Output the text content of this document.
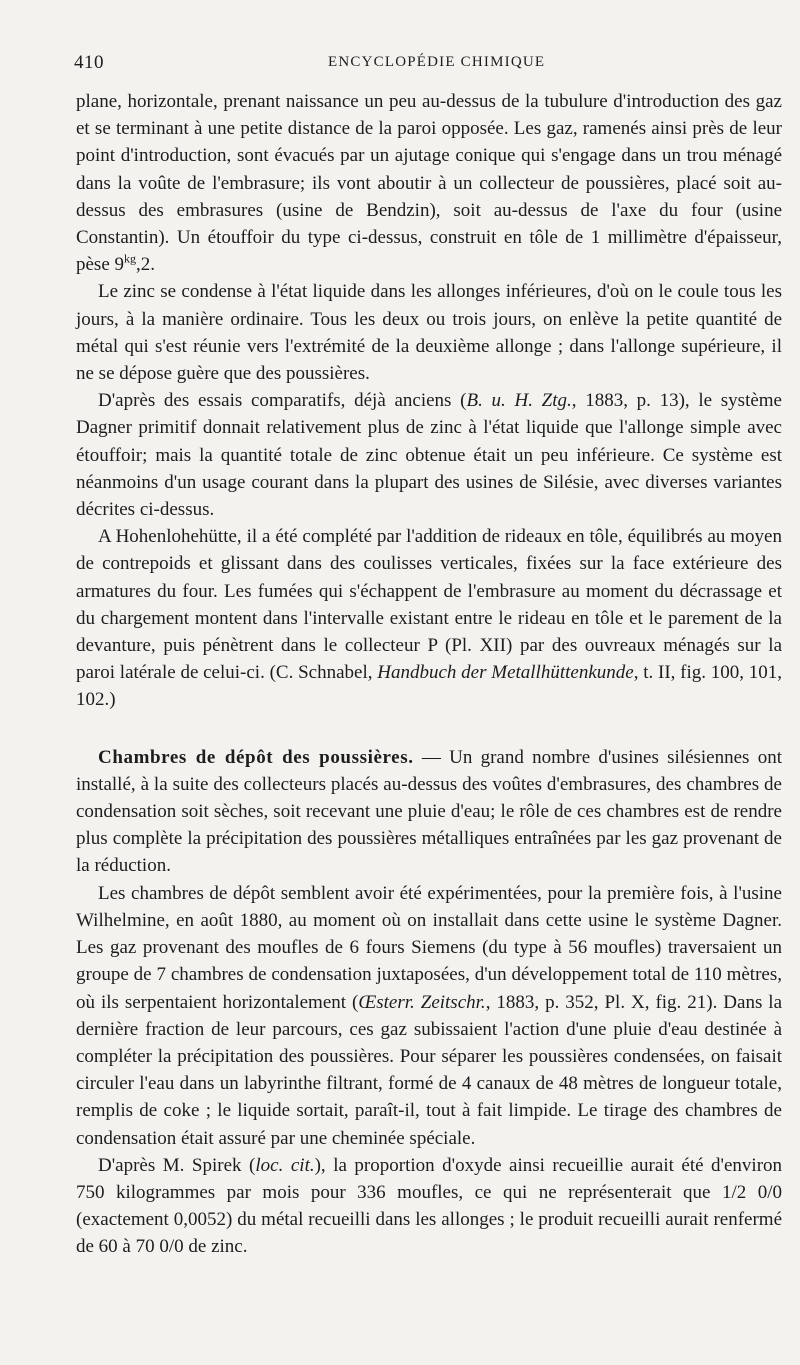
410	ENCYCLOPÉDIE CHIMIQUE

plane, horizontale, prenant naissance un peu au-dessus de la tubulure d'introduction des gaz et se terminant à une petite distance de la paroi opposée. Les gaz, ramenés ainsi près de leur point d'introduction, sont évacués par un ajutage conique qui s'engage dans un trou ménagé dans la voûte de l'embrasure; ils vont aboutir à un collecteur de poussières, placé soit au-dessus des embrasures (usine de Bendzin), soit au-dessus de l'axe du four (usine Constantin). Un étouffoir du type ci-dessus, construit en tôle de 1 millimètre d'épaisseur, pèse $9^{kg},2$.

Le zinc se condense à l'état liquide dans les allonges inférieures, d'où on le coule tous les jours, à la manière ordinaire. Tous les deux ou trois jours, on enlève la petite quantité de métal qui s'est réunie vers l'extrémité de la deuxième allonge ; dans l'allonge supérieure, il ne se dépose guère que des poussières.

D'après des essais comparatifs, déjà anciens (B. u. H. Ztg., 1883, p. 13), le système Dagner primitif donnait relativement plus de zinc à l'état liquide que l'allonge simple avec étouffoir; mais la quantité totale de zinc obtenue était un peu inférieure. Ce système est néanmoins d'un usage courant dans la plupart des usines de Silésie, avec diverses variantes décrites ci-dessus.

A Hohenlohehütte, il a été complété par l'addition de rideaux en tôle, équilibrés au moyen de contrepoids et glissant dans des coulisses verticales, fixées sur la face extérieure des armatures du four. Les fumées qui s'échappent de l'embrasure au moment du décrassage et du chargement montent dans l'intervalle existant entre le rideau en tôle et le parement de la devanture, puis pénètrent dans le collecteur P (Pl. XII) par des ouvreaux ménagés sur la paroi latérale de celui-ci. (C. Schnabel, Handbuch der Metallhüttenkunde, t. II, fig. 100, 101, 102.)

Chambres de dépôt des poussières. — Un grand nombre d'usines silésiennes ont installé, à la suite des collecteurs placés au-dessus des voûtes d'embrasures, des chambres de condensation soit sèches, soit recevant une pluie d'eau; le rôle de ces chambres est de rendre plus complète la précipitation des poussières métalliques entraînées par les gaz provenant de la réduction.

Les chambres de dépôt semblent avoir été expérimentées, pour la première fois, à l'usine Wilhelmine, en août 1880, au moment où on installait dans cette usine le système Dagner. Les gaz provenant des moufles de 6 fours Siemens (du type à 56 moufles) traversaient un groupe de 7 chambres de condensation juxtaposées, d'un développement total de 110 mètres, où ils serpentaient horizontalement (Œsterr. Zeitschr., 1883, p. 352, Pl. X, fig. 21). Dans la dernière fraction de leur parcours, ces gaz subissaient l'action d'une pluie d'eau destinée à compléter la précipitation des poussières. Pour séparer les poussières condensées, on faisait circuler l'eau dans un labyrinthe filtrant, formé de 4 canaux de 48 mètres de longueur totale, remplis de coke ; le liquide sortait, paraît-il, tout à fait limpide. Le tirage des chambres de condensation était assuré par une cheminée spéciale.

D'après M. Spirek (loc. cit.), la proportion d'oxyde ainsi recueillie aurait été d'environ 750 kilogrammes par mois pour 336 moufles, ce qui ne représenterait que 1/2 0/0 (exactement 0,0052) du métal recueilli dans les allonges ; le produit recueilli aurait renfermé de 60 à 70 0/0 de zinc.
